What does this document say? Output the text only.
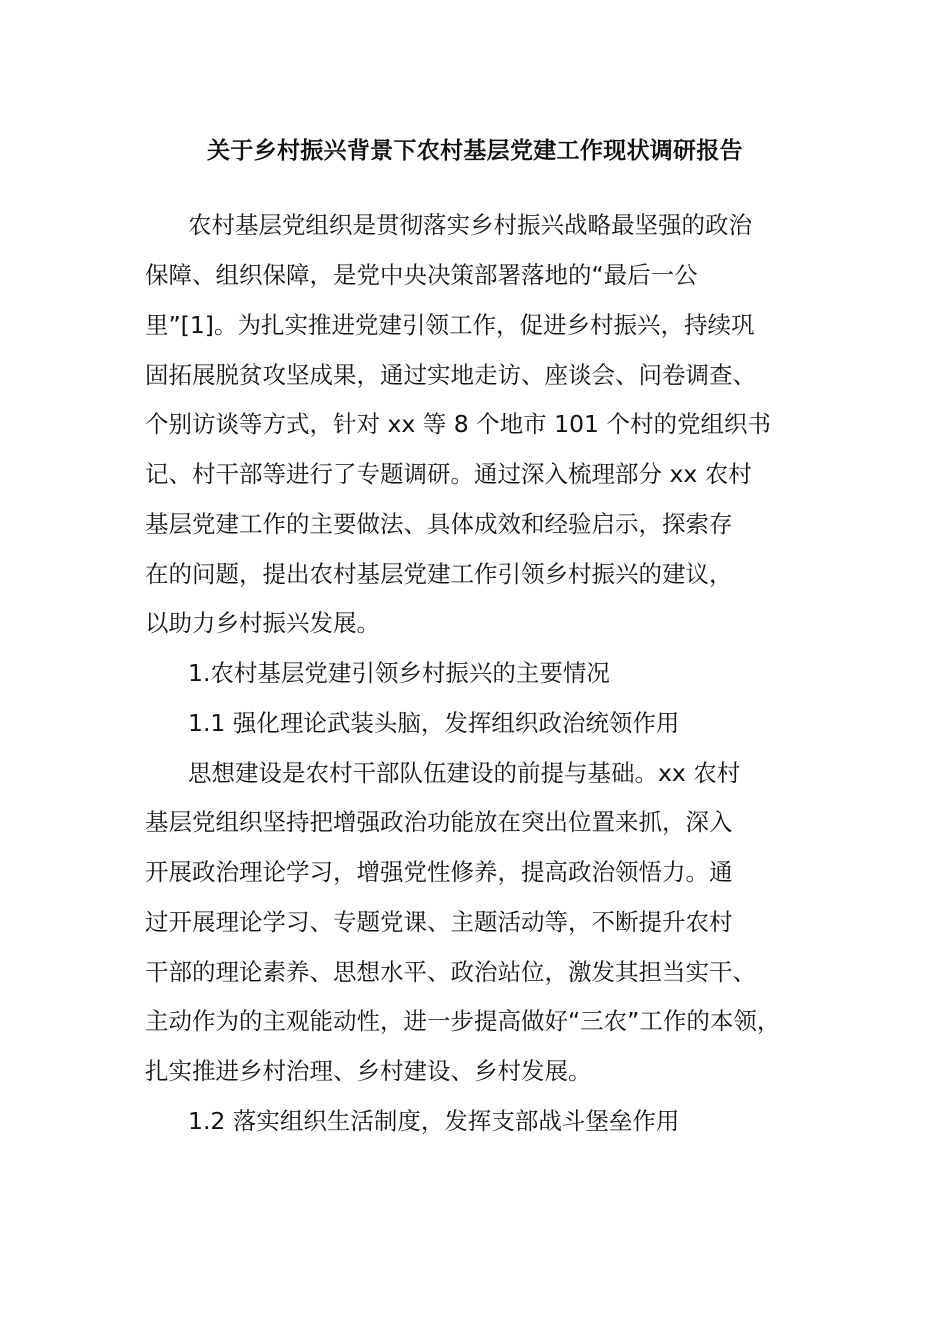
关于乡村振兴背景下农村基层党建工作现状调研报告
农村基层党组织是贯彻落实乡村振兴战略最坚强的政治
保障、组织保障，是党中央决策部署落地的“最后一公
里”[1]。为扎实推进党建引领工作，促进乡村振兴，持续巩
固拓展脱贫攻坚成果，通过实地走访、座谈会、问卷调查、
个别访谈等方式，针对 xx 等 8 个地市 101 个村的党组织书
记、村干部等进行了专题调研。通过深入梳理部分 xx 农村
基层党建工作的主要做法、具体成效和经验启示，探索存
在的问题，提出农村基层党建工作引领乡村振兴的建议，
以助力乡村振兴发展。
1.农村基层党建引领乡村振兴的主要情况
1.1 强化理论武装头脑，发挥组织政治统领作用
思想建设是农村干部队伍建设的前提与基础。xx 农村
基层党组织坚持把增强政治功能放在突出位置来抓，深入
开展政治理论学习，增强党性修养，提高政治领悟力。通
过开展理论学习、专题党课、主题活动等，不断提升农村
干部的理论素养、思想水平、政治站位，激发其担当实干、
主动作为的主观能动性，进一步提高做好“三农”工作的本领，
扎实推进乡村治理、乡村建设、乡村发展。
1.2 落实组织生活制度，发挥支部战斗堡垒作用
